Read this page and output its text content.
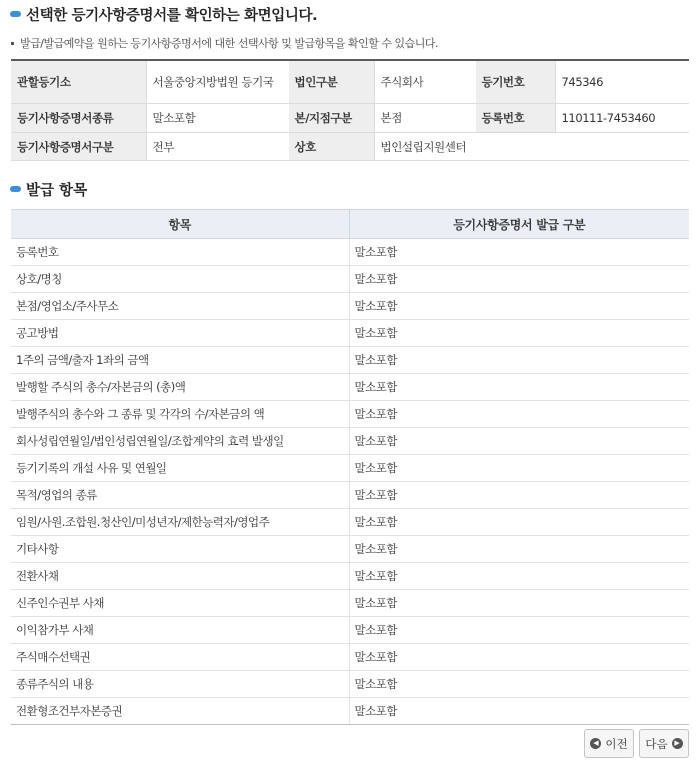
선택한 등기사항증명서를 확인하는 화면입니다.
발급/발급예약을 원하는 등기사항증명서에 대한 선택사항 및 발급항목을 확인할 수 있습니다.
관할등기소	서울중앙지방법원 등기국	법인구분	주식회사	등기번호	745346
등기사항증명서종류	말소포함	본/지점구분	본점	등록번호	110111-7453460
등기사항증명서구분	전부	상호	법인설립지원센터		
발급 항목
항목	등기사항증명서 발급 구분
등록번호	말소포함
상호/명칭	말소포함
본점/영업소/주사무소	말소포함
공고방법	말소포함
1주의 금액/출자 1좌의 금액	말소포함
발행할 주식의 총수/자본금의 (총)액	말소포함
발행주식의 총수와 그 종류 및 각각의 수/자본금의 액	말소포함
회사성립연월일/법인성립연월일/조합계약의 효력 발생일	말소포함
등기기록의 개설 사유 및 연월일	말소포함
목적/영업의 종류	말소포함
임원/사원.조합원.청산인/미성년자/제한능력자/영업주	말소포함
기타사항	말소포함
전환사채	말소포함
신주인수권부 사채	말소포함
이익참가부 사채	말소포함
주식매수선택권	말소포함
종류주식의 내용	말소포함
전환형조건부자본증권	말소포함
◀ 이전 다음 ▶
